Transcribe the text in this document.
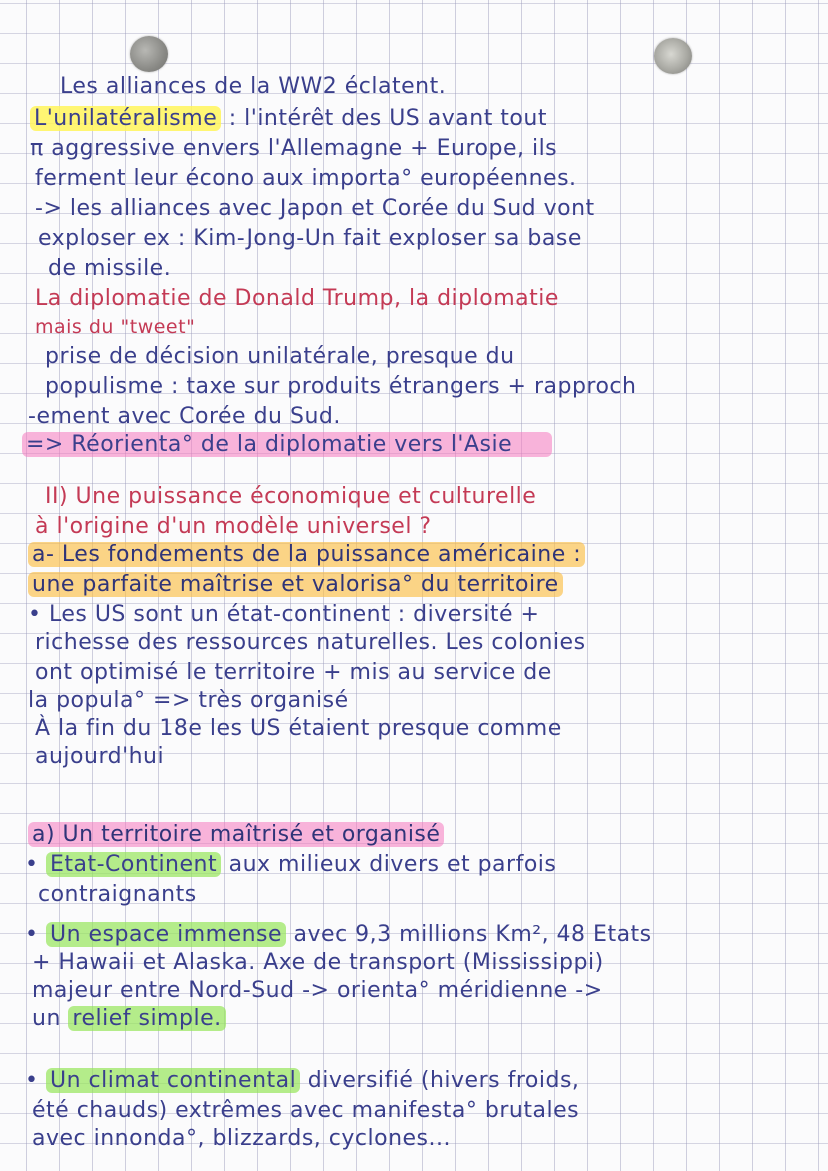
Les alliances de la WW2 éclatent.
L'unilatéralisme : l'intérêt des US avant tout
π aggressive envers l'Allemagne + Europe, ils
ferment leur écono aux importa° européennes.
-> les alliances avec Japon et Corée du Sud vont
exploser ex : Kim-Jong-Un fait exploser sa base
de missile.
La diplomatie de Donald Trump, la diplomatie
mais du "tweet"
prise de décision unilatérale, presque du
populisme : taxe sur produits étrangers + rapproch
-ement avec Corée du Sud.
=> Réorienta° de la diplomatie vers l'Asie
II) Une puissance économique et culturelle
à l'origine d'un modèle universel ?
a- Les fondements de la puissance américaine :
une parfaite maîtrise et valorisa° du territoire
• Les US sont un état-continent : diversité +
richesse des ressources naturelles. Les colonies
ont optimisé le territoire + mis au service de
la popula° => très organisé
À la fin du 18e les US étaient presque comme
aujourd'hui
a) Un territoire maîtrisé et organisé
• Etat-Continent aux milieux divers et parfois
contraignants
• Un espace immense avec 9,3 millions Km², 48 Etats
+ Hawaii et Alaska. Axe de transport (Mississippi)
majeur entre Nord-Sud -> orienta° méridienne ->
un relief simple.
• Un climat continental diversifié (hivers froids,
été chauds) extrêmes avec manifesta° brutales
avec innonda°, blizzards, cyclones...
